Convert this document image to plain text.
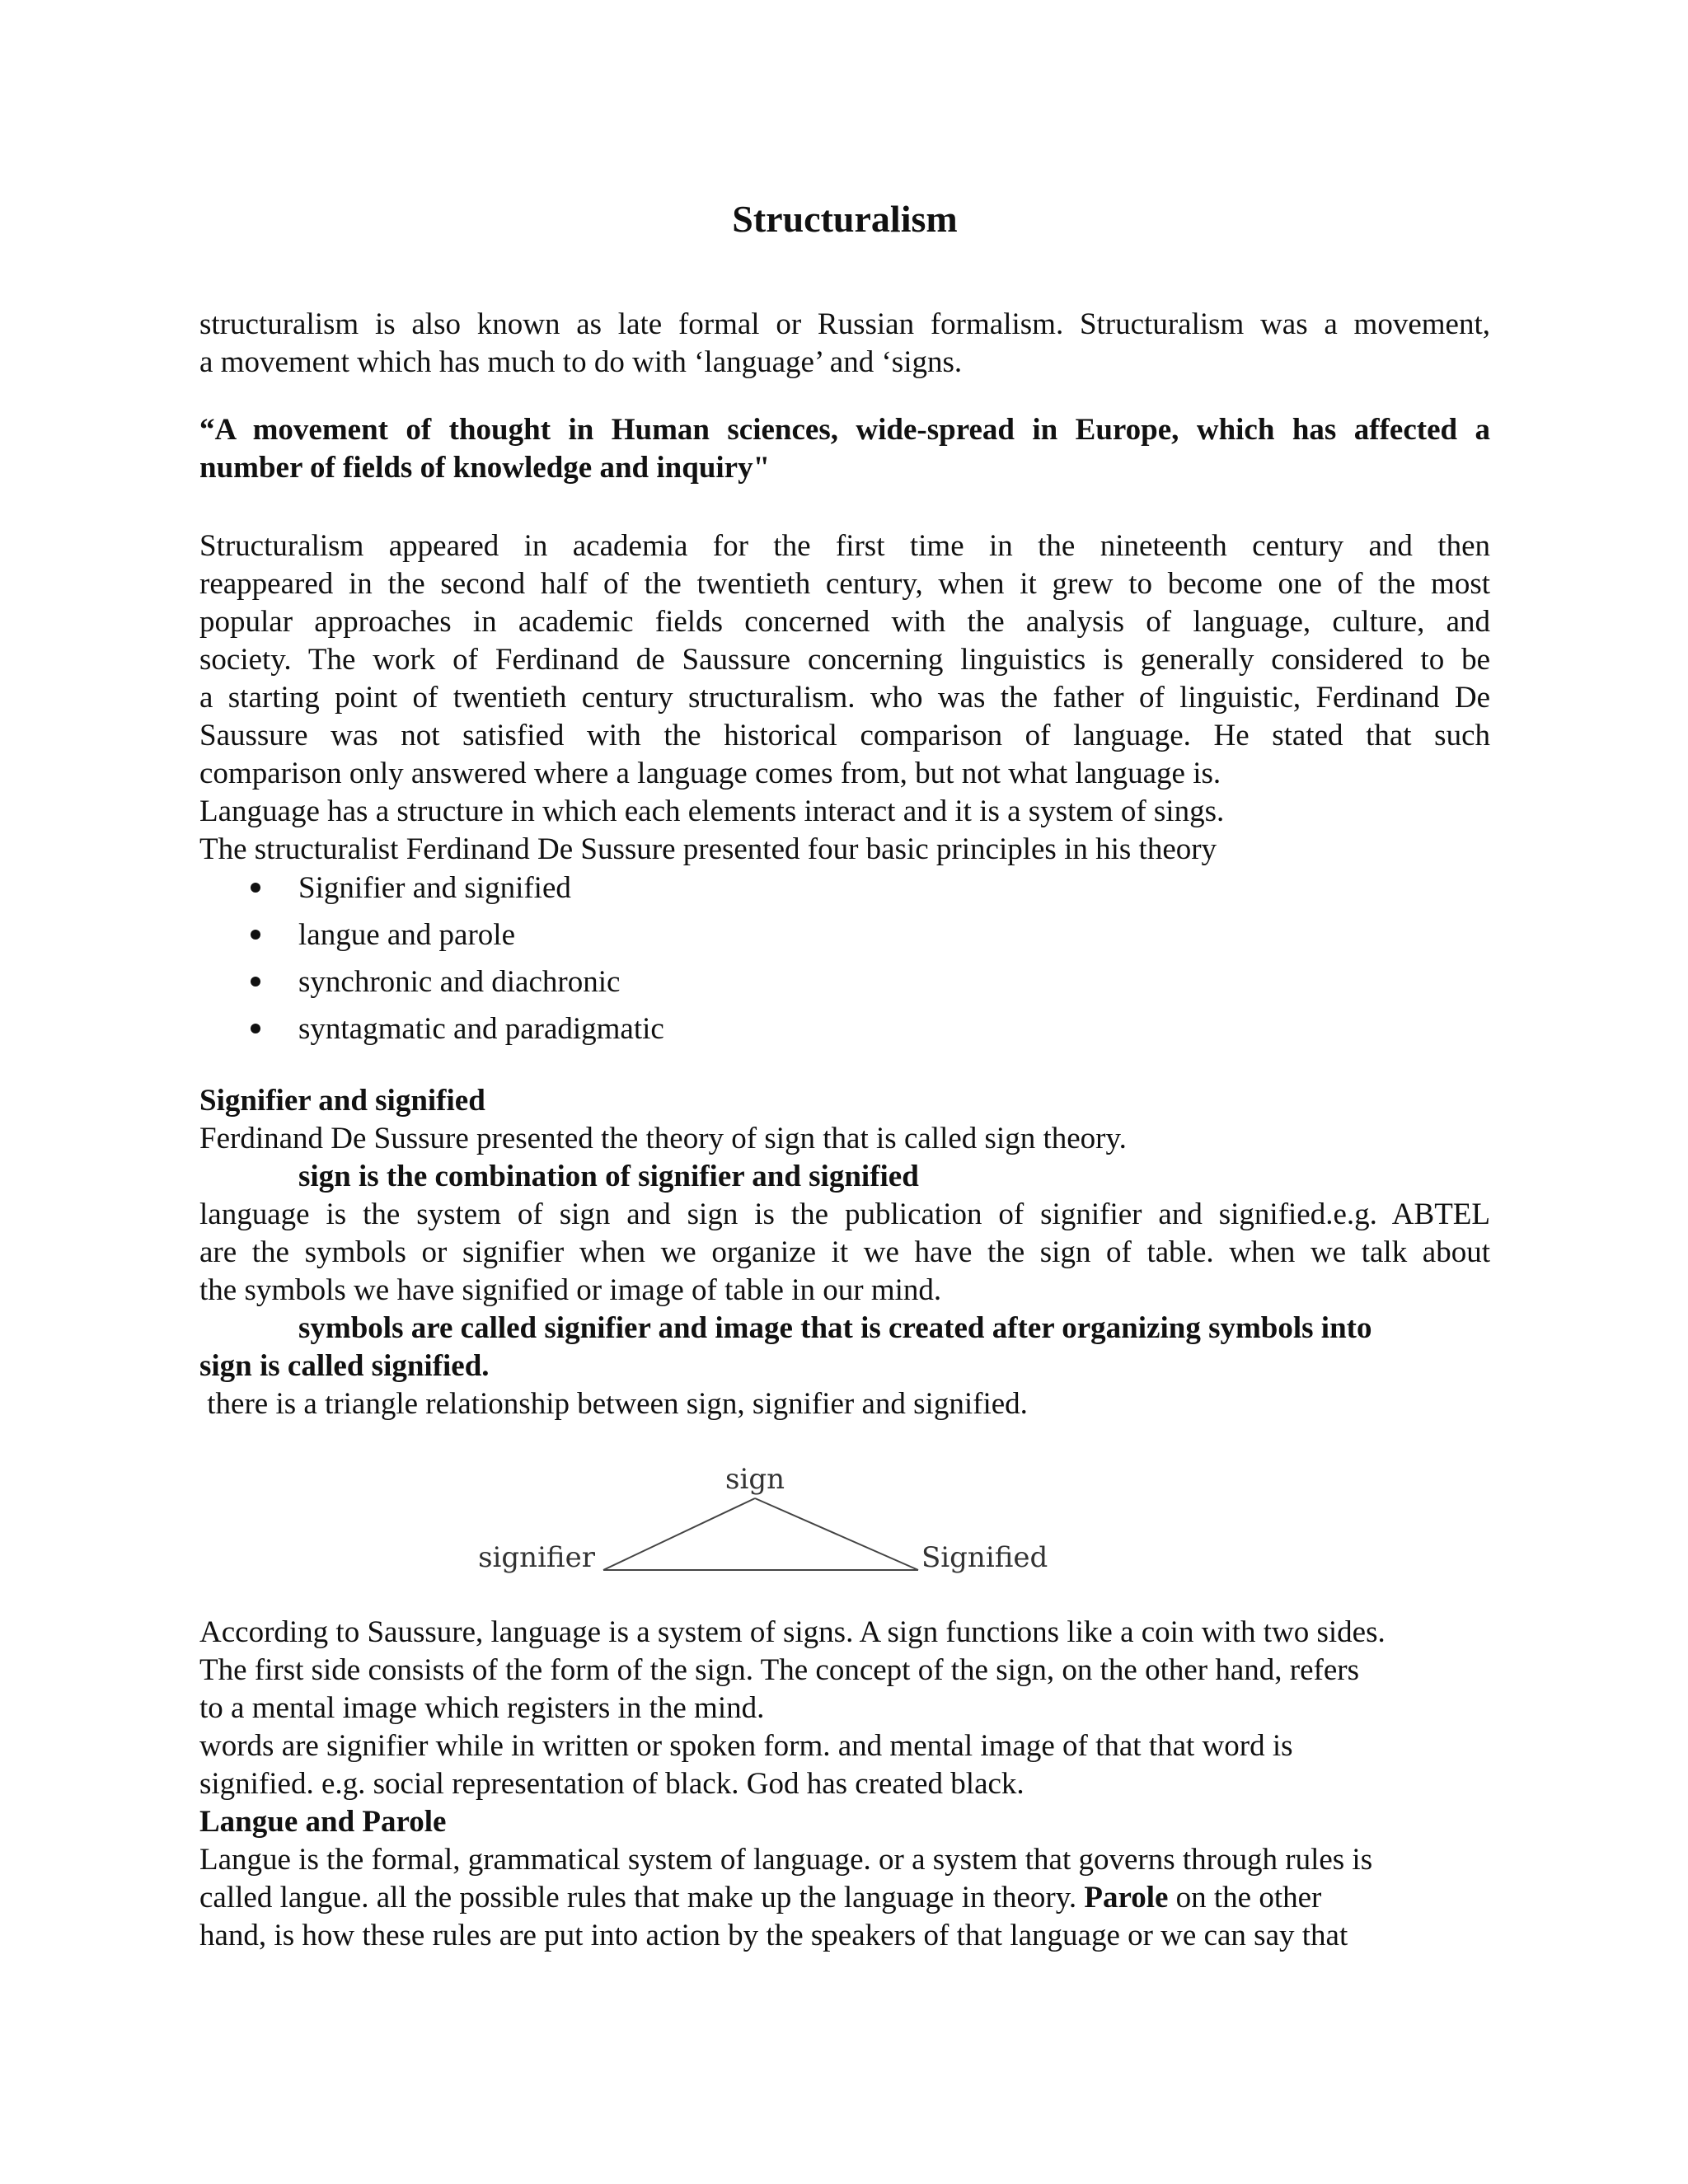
Structuralism
structuralism is also known as late formal or Russian formalism. Structuralism was a movement,
a movement which has much to do with ‘language’ and ‘signs.
“A movement of thought in Human sciences, wide-spread in Europe, which has affected a
number of fields of knowledge and inquiry"
Structuralism appeared in academia for the first time in the nineteenth century and then
reappeared in the second half of the twentieth century, when it grew to become one of the most
popular approaches in academic fields concerned with the analysis of language, culture, and
society. The work of Ferdinand de Saussure concerning linguistics is generally considered to be
a starting point of twentieth century structuralism. who was the father of linguistic, Ferdinand De
Saussure was not satisfied with the historical comparison of language. He stated that such
comparison only answered where a language comes from, but not what language is.
Language has a structure in which each elements interact and it is a system of sings.
The structuralist Ferdinand De Sussure presented four basic principles in his theory
Signifier and signified
langue and parole
synchronic and diachronic
syntagmatic and paradigmatic
Signifier and signified
Ferdinand De Sussure presented the theory of sign that is called sign theory.
sign is the combination of signifier and signified
language is the system of sign and sign is the publication of signifier and signified.e.g. ABTEL
are the symbols or signifier when we organize it we have the sign of table. when we talk about
the symbols we have signified or image of table in our mind.
symbols are called signifier and image that is created after organizing symbols into
sign is called signified.
there is a triangle relationship between sign, signifier and signified.
sign
signifier	Signified
According to Saussure, language is a system of signs. A sign functions like a coin with two sides.
The first side consists of the form of the sign. The concept of the sign, on the other hand, refers
to a mental image which registers in the mind.
words are signifier while in written or spoken form. and mental image of that that word is
signified. e.g. social representation of black. God has created black.
Langue and Parole
Langue is the formal, grammatical system of language. or a system that governs through rules is
called langue. all the possible rules that make up the language in theory. Parole on the other
hand, is how these rules are put into action by the speakers of that language or we can say that
